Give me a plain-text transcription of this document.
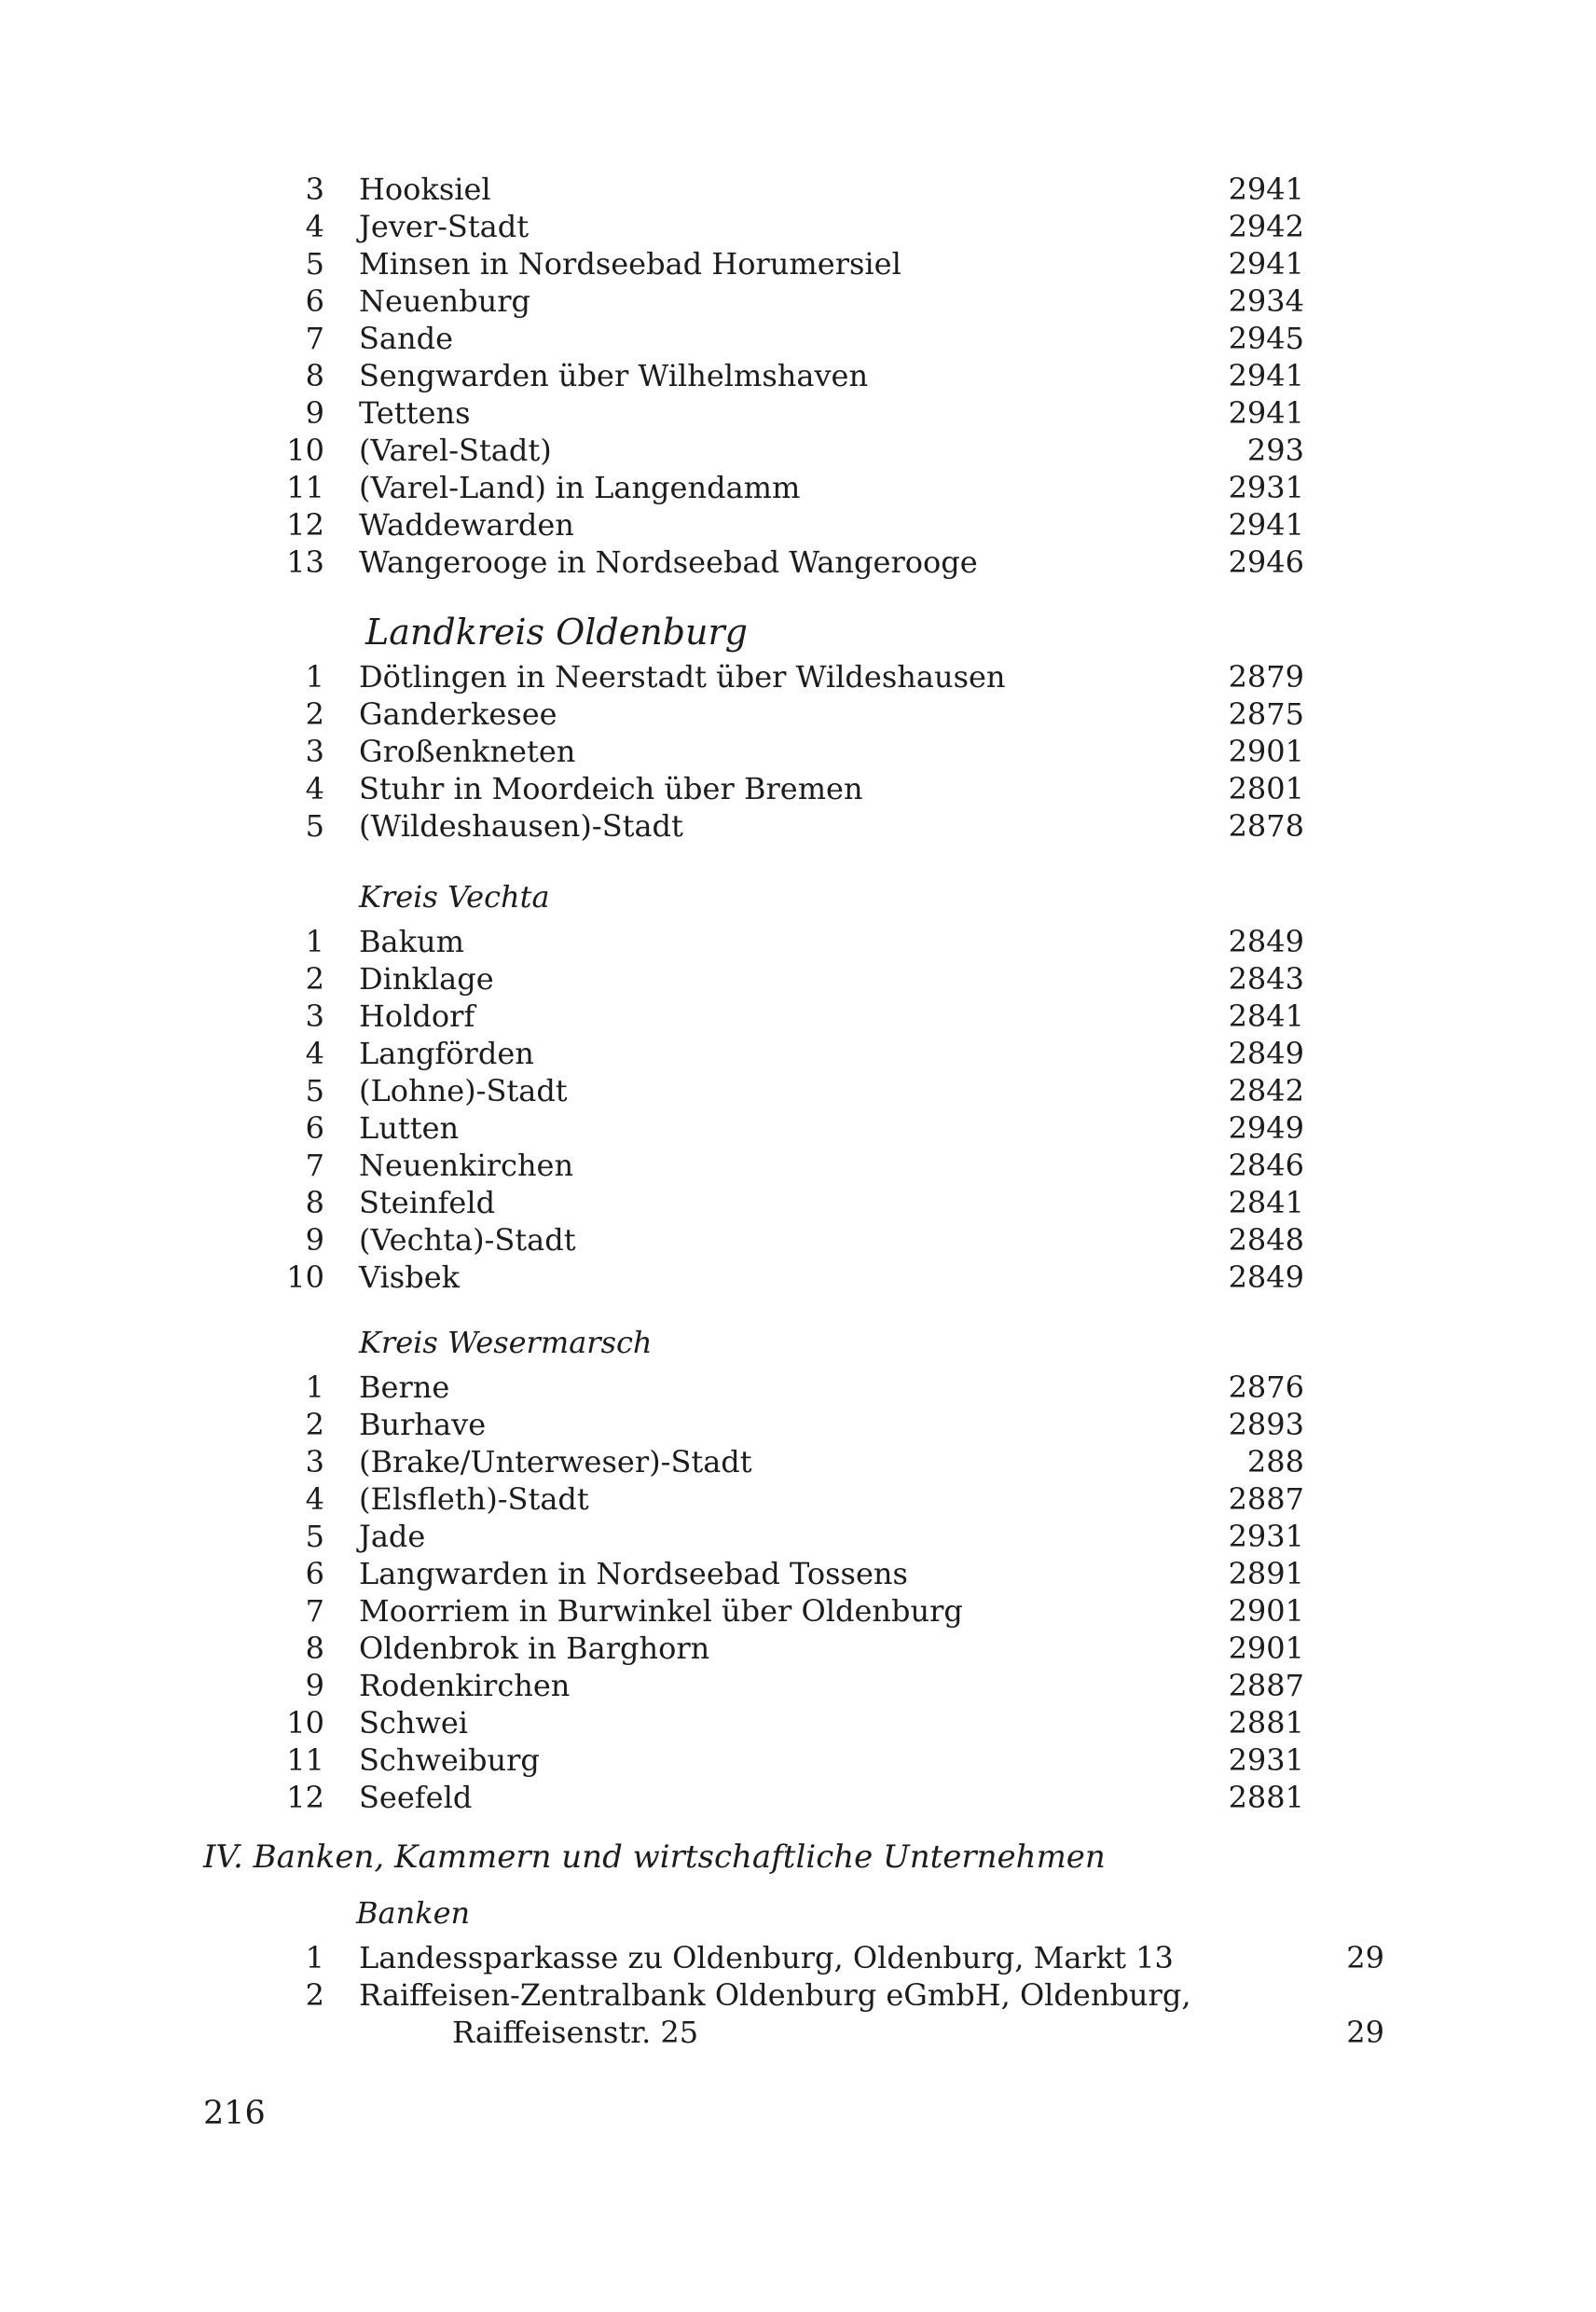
3 Hooksiel	2941
4 Jever-Stadt	2942
5 Minsen in Nordseebad Horumersiel	2941
6 Neuenburg	2934
7 Sande	2945
8 Sengwarden über Wilhelmshaven	2941
9 Tettens	2941
10 (Varel-Stadt)	293
11 (Varel-Land) in Langendamm	2931
12 Waddewarden	2941
13 Wangerooge in Nordseebad Wangerooge	2946
Landkreis Oldenburg
1 Dötlingen in Neerstadt über Wildeshausen	2879
2 Ganderkesee	2875
3 Großenkneten	2901
4 Stuhr in Moordeich über Bremen	2801
5 (Wildeshausen)-Stadt	2878
Kreis Vechta
1 Bakum	2849
2 Dinklage	2843
3 Holdorf	2841
4 Langförden	2849
5 (Lohne)-Stadt	2842
6 Lutten	2949
7 Neuenkirchen	2846
8 Steinfeld	2841
9 (Vechta)-Stadt	2848
10 Visbek	2849
Kreis Wesermarsch
1 Berne	2876
2 Burhave	2893
3 (Brake/Unterweser)-Stadt	288
4 (Elsfleth)-Stadt	2887
5 Jade	2931
6 Langwarden in Nordseebad Tossens	2891
7 Moorriem in Burwinkel über Oldenburg	2901
8 Oldenbrok in Barghorn	2901
9 Rodenkirchen	2887
10 Schwei	2881
11 Schweiburg	2931
12 Seefeld	2881
IV. Banken, Kammern und wirtschaftliche Unternehmen
Banken
1 Landessparkasse zu Oldenburg, Oldenburg, Markt 13	29
2 Raiffeisen-Zentralbank Oldenburg eGmbH, Oldenburg,
Raiffeisenstr. 25	29
216
